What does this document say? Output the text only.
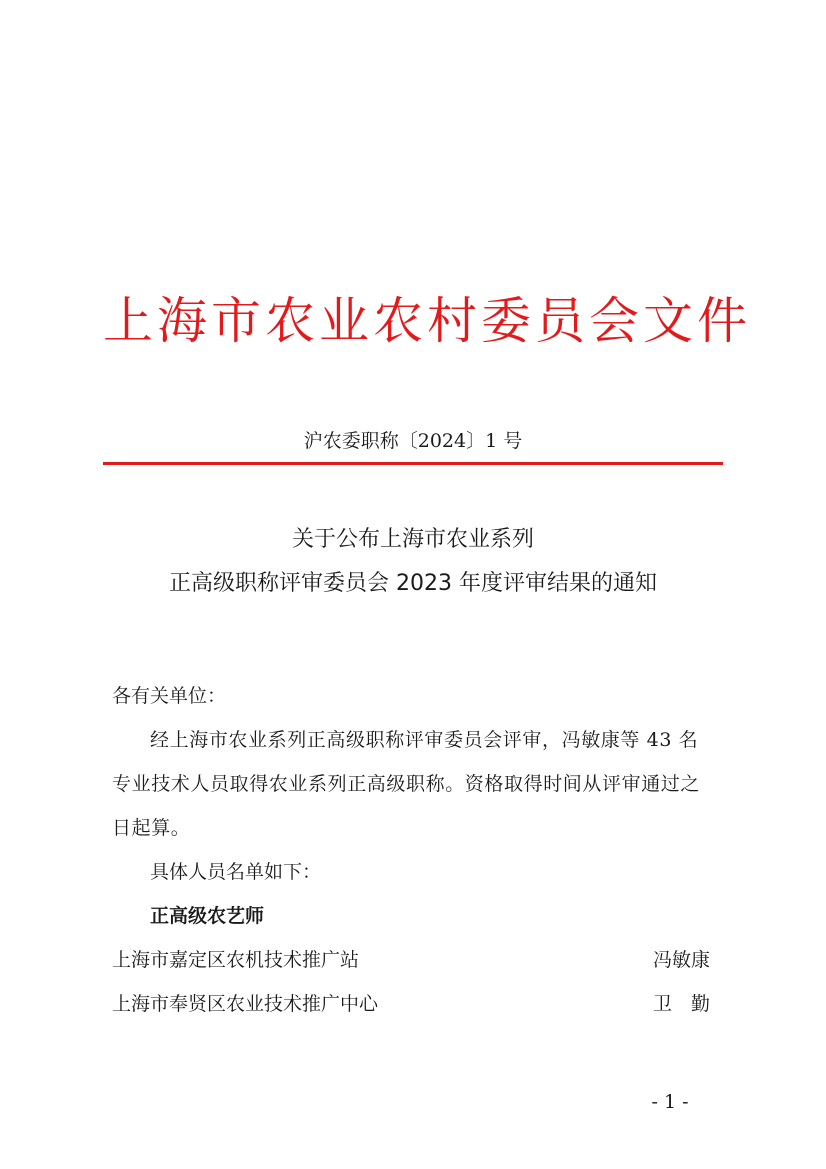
上海市农业农村委员会文件
沪农委职称〔2024〕1 号
关于公布上海市农业系列
正高级职称评审委员会 2023 年度评审结果的通知
各有关单位：
经上海市农业系列正高级职称评审委员会评审，冯敏康等 43 名专业技术人员取得农业系列正高级职称。资格取得时间从评审通过之日起算。
具体人员名单如下：
正高级农艺师
上海市嘉定区农机技术推广站	冯敏康
上海市奉贤区农业技术推广中心	卫　勤
- 1 -
